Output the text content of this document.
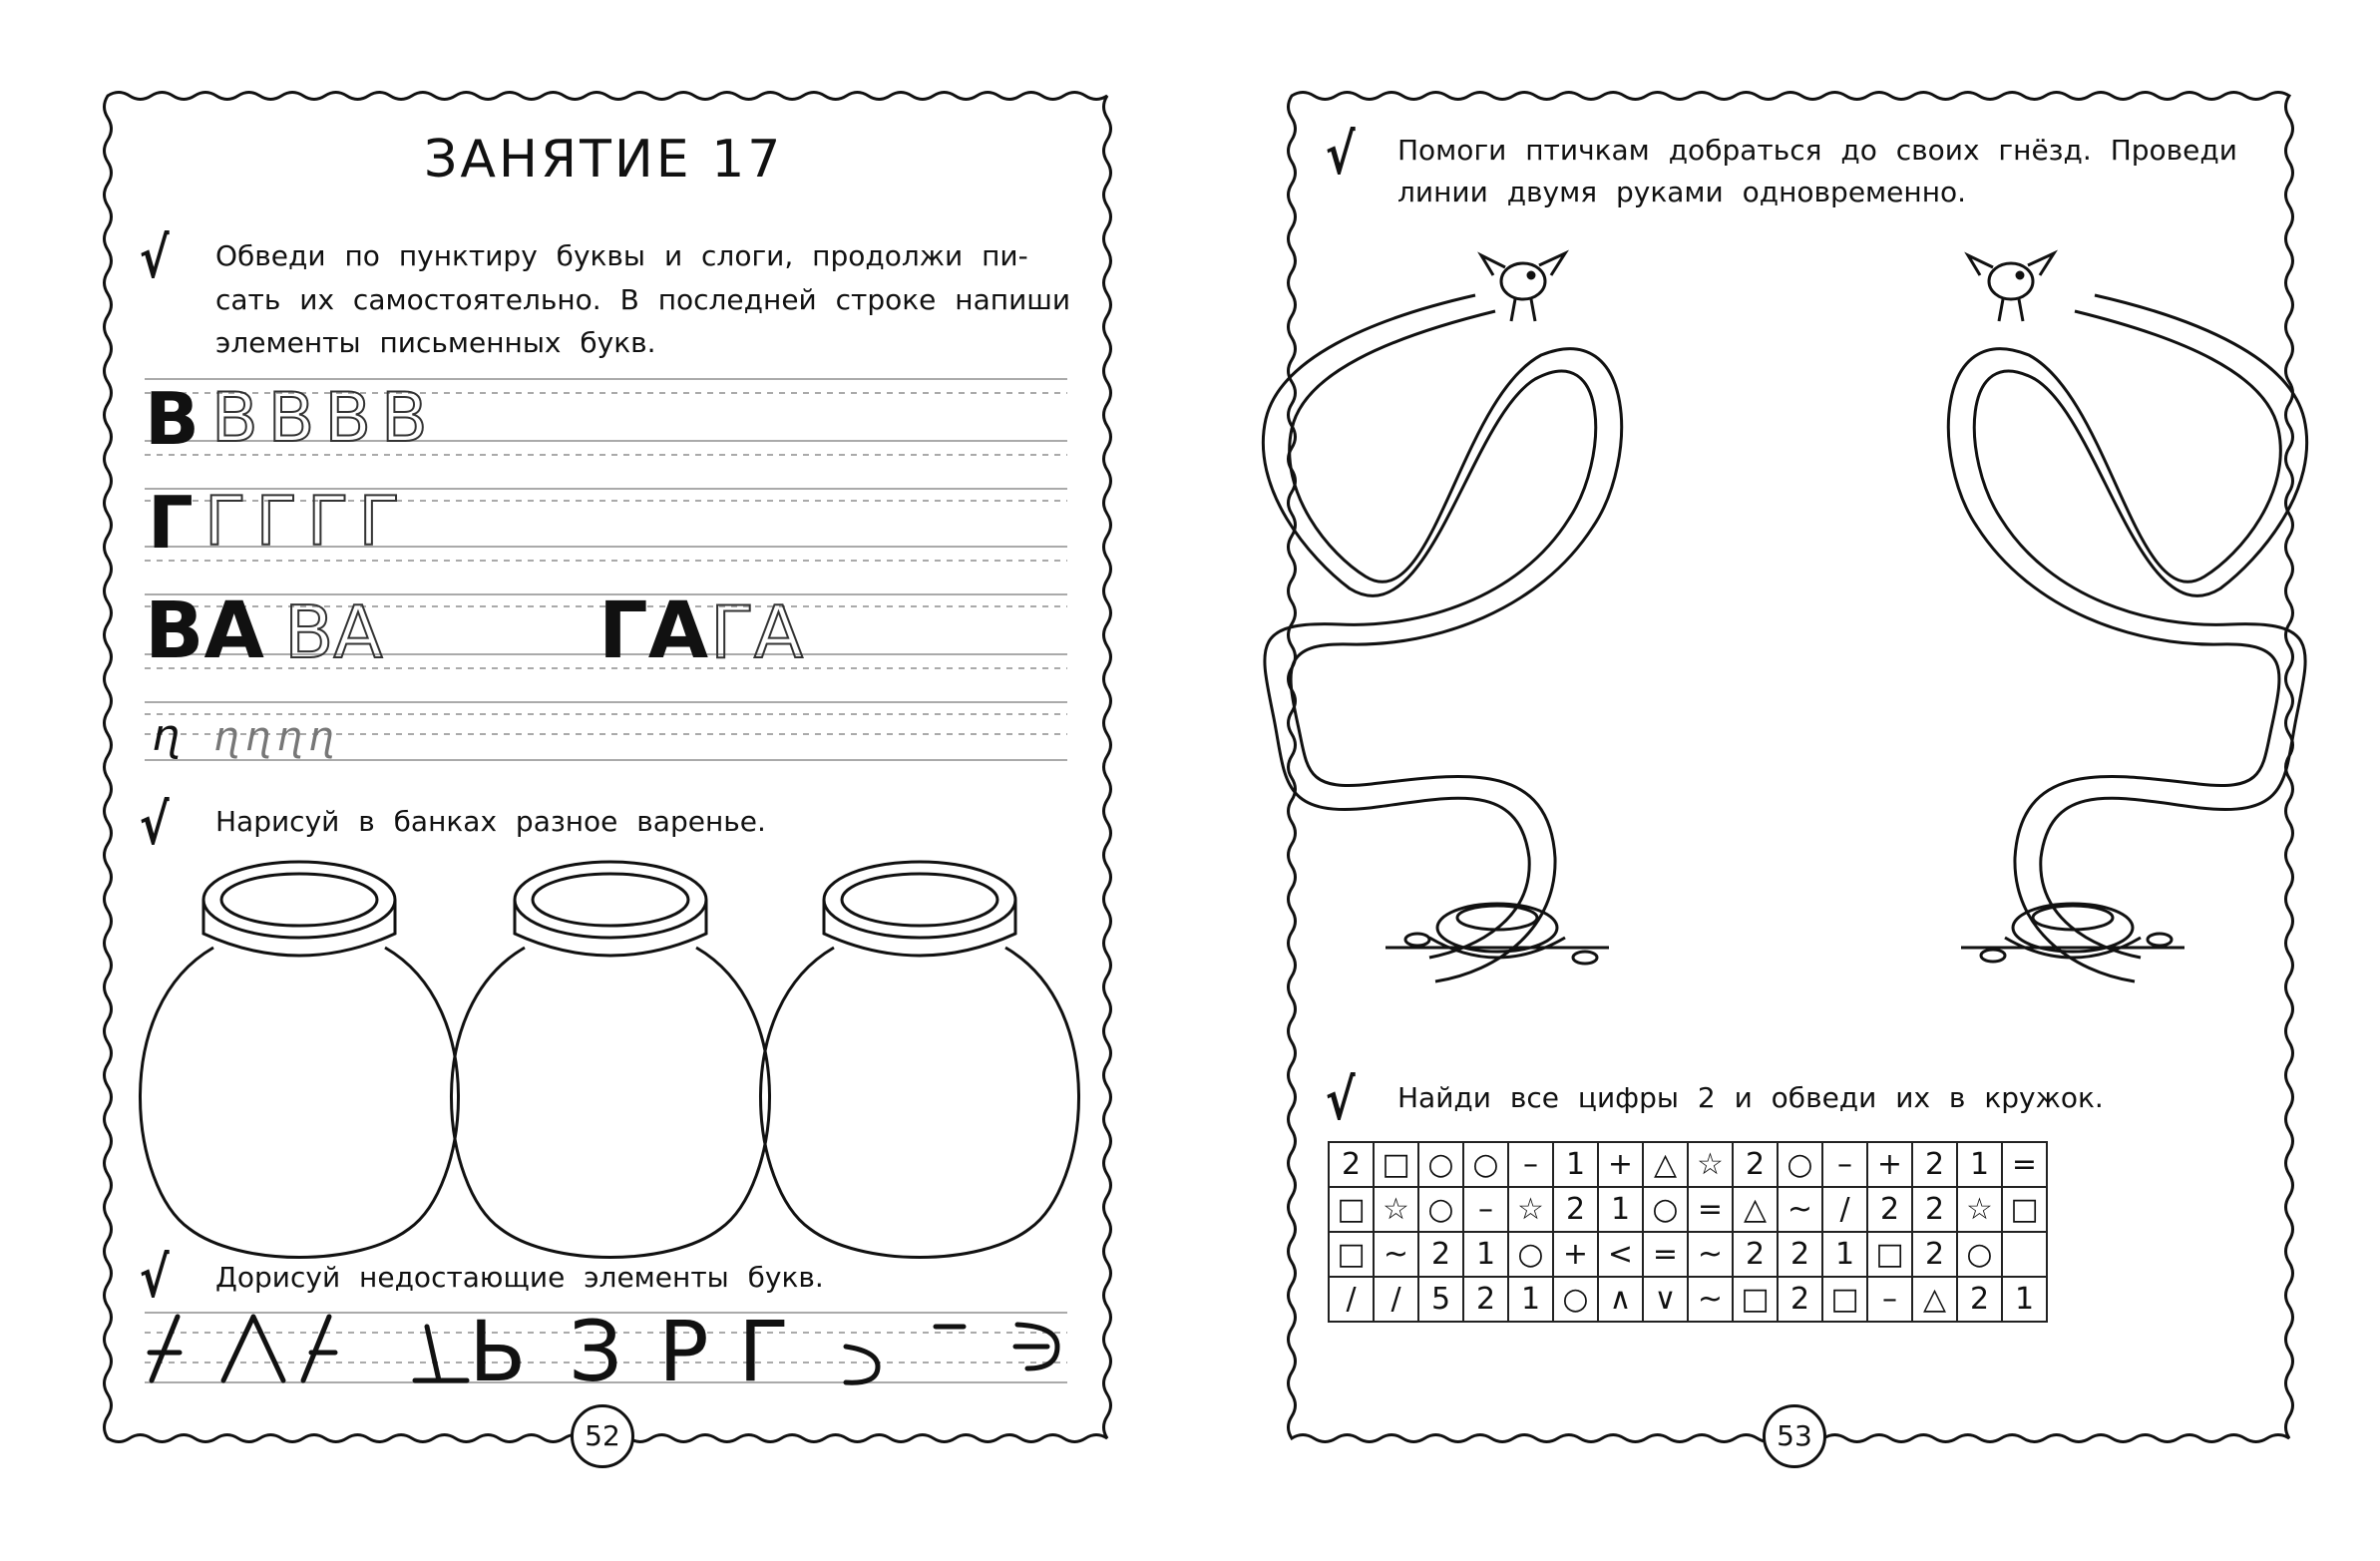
ЗАНЯТИЕ 17
√ Обведи по пунктиру буквы и слоги, продолжи пи-
сать их самостоятельно. В последней строке напиши
элементы письменных букв.
В ВВВВ
Г ГГГГ
ВА ВА	ГА ГА
ɳ ɳɳɳɳ
√ Нарисуй в банках разное варенье.
√ Дорисуй недостающие элементы букв.
Ь З Р Г
52
√ Помоги птичкам добраться до своих гнёзд. Проведи
линии двумя руками одновременно.
√ Найди все цифры 2 и обведи их в кружок.
2	□	○	○	–	1	+	△	☆	2	○	–	+	2	1	=
□	☆	○	–	☆	2	1	○	=	△	~	/	2	2	☆	□
□	~	2	1	○	+	<	=	~	2	2	1	□	2	○	
/	/	5	2	1	○	∧	∨	~	□	2	□	–	△	2	1
53
